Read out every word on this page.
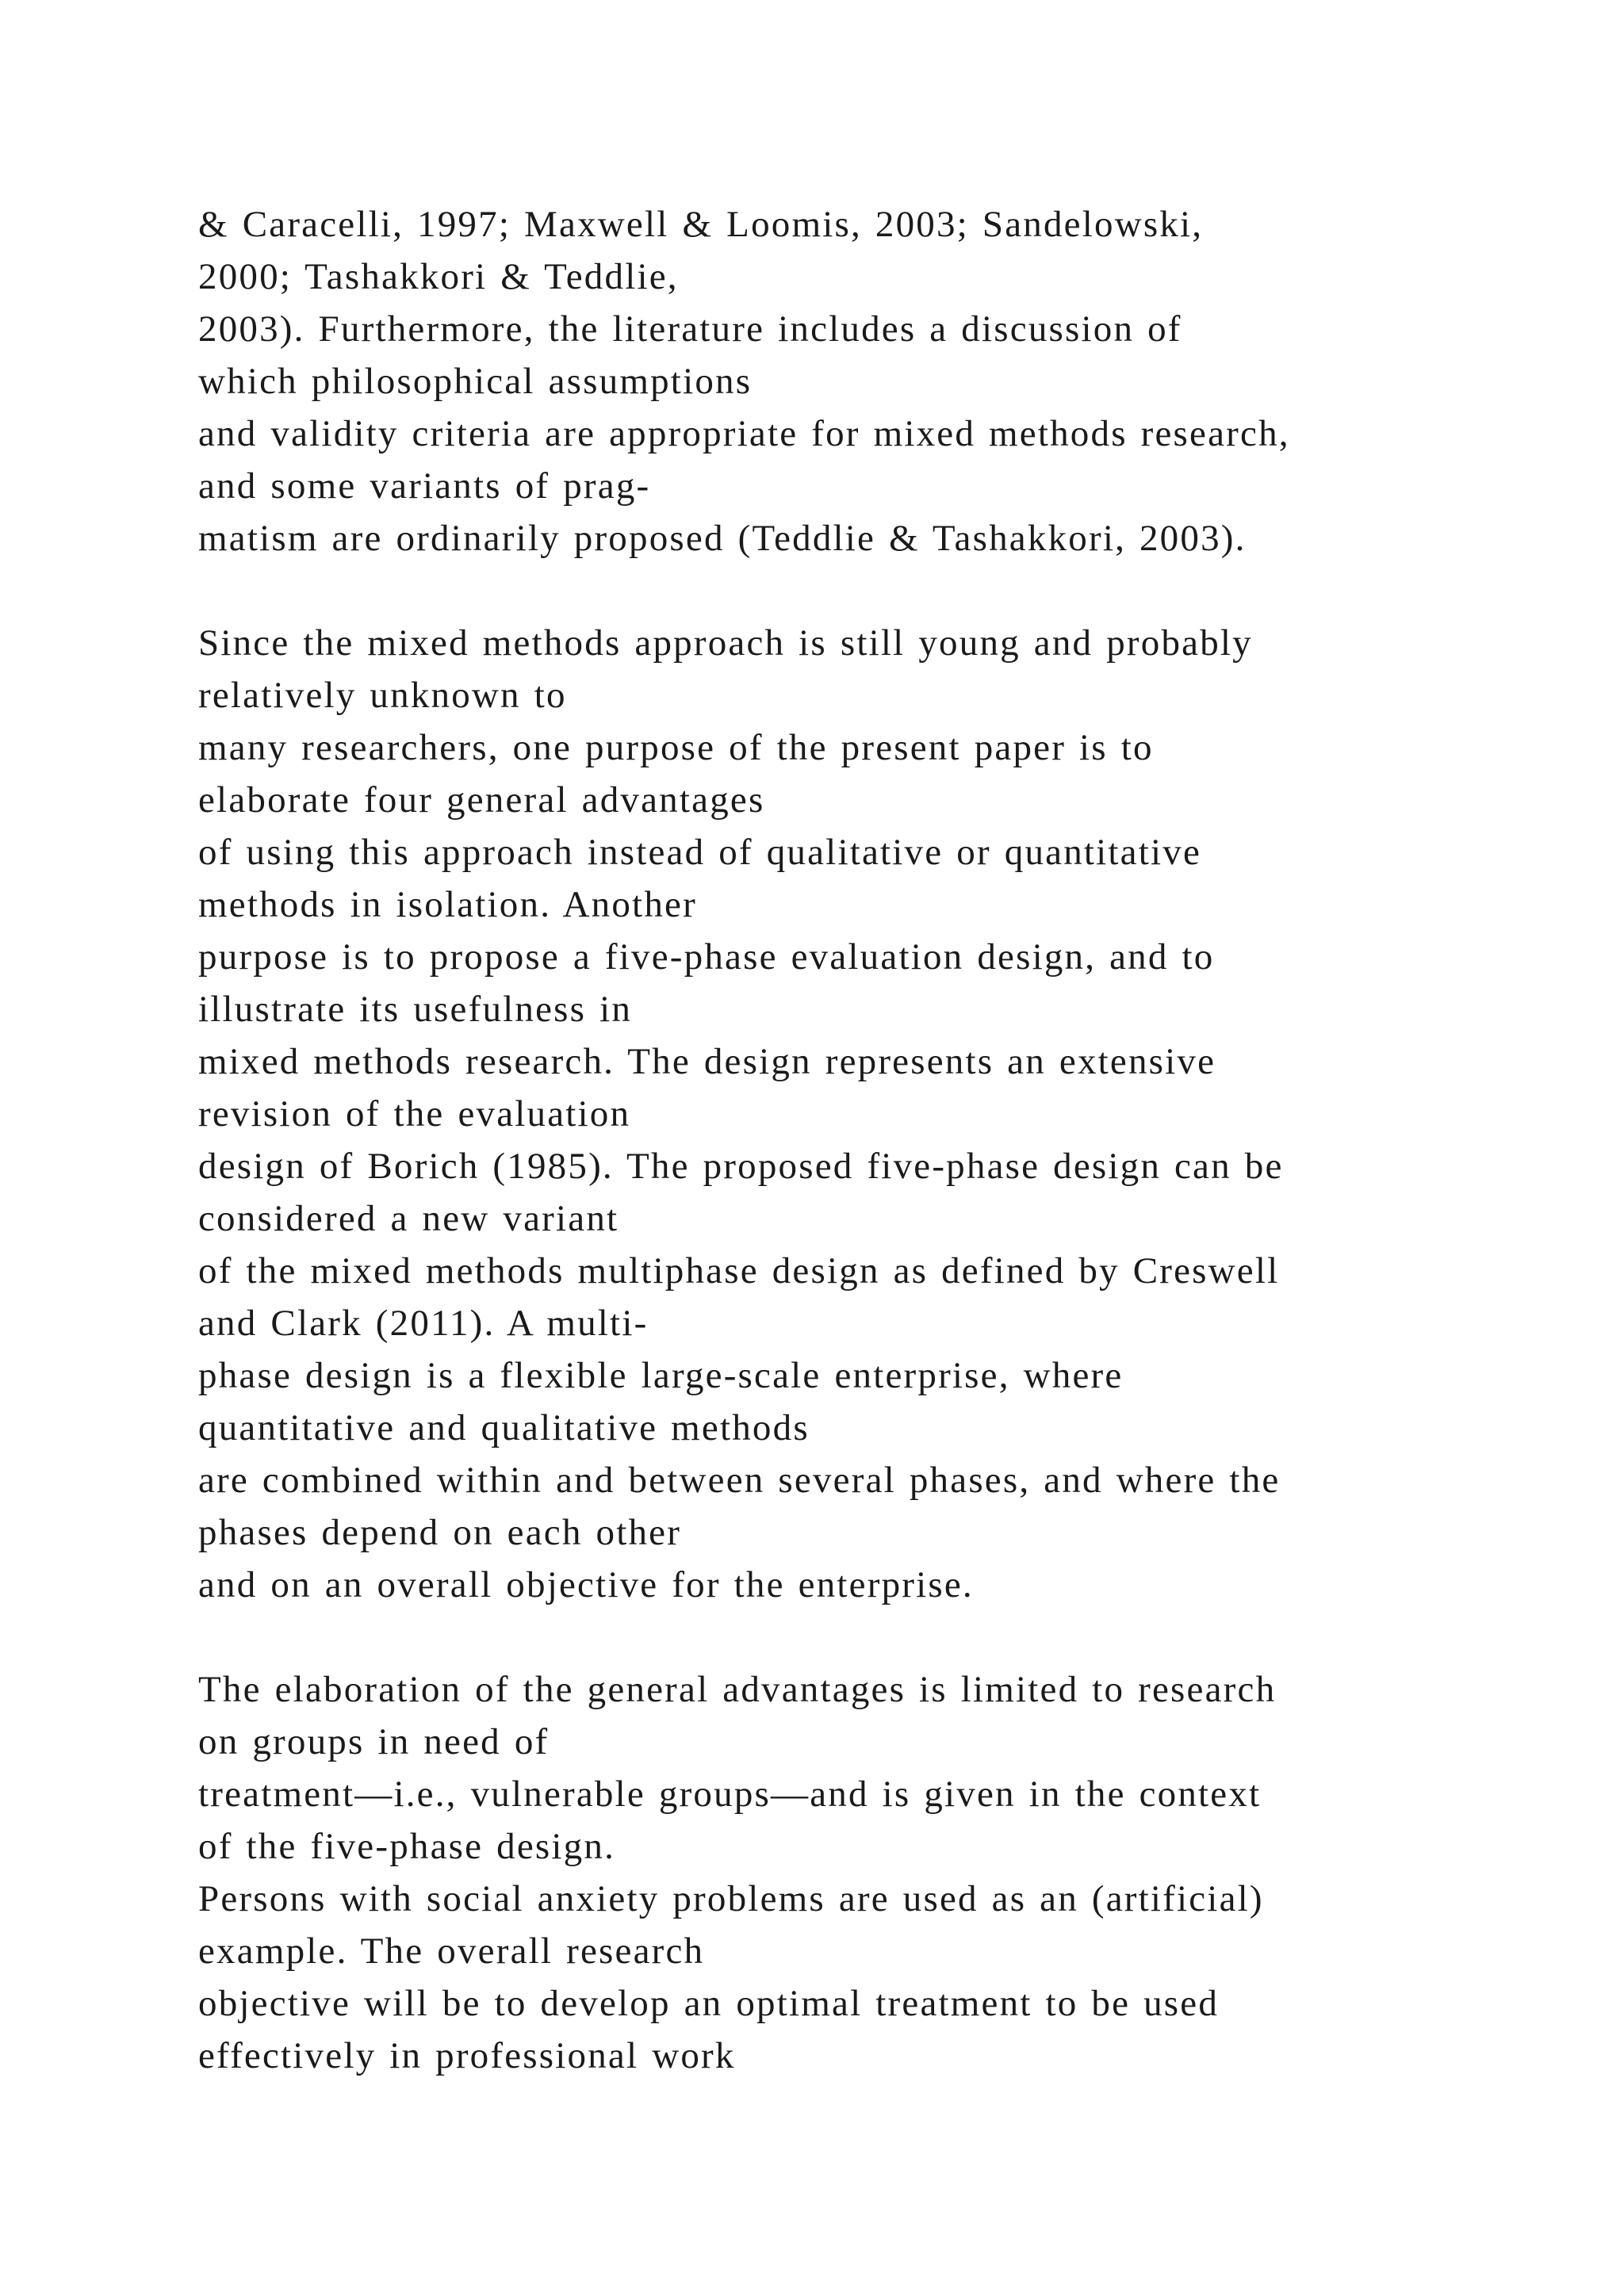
& Caracelli, 1997; Maxwell & Loomis, 2003; Sandelowski,
2000; Tashakkori & Teddlie,
2003). Furthermore, the literature includes a discussion of
which philosophical assumptions
and validity criteria are appropriate for mixed methods research,
and some variants of prag-
matism are ordinarily proposed (Teddlie & Tashakkori, 2003).
Since the mixed methods approach is still young and probably
relatively unknown to
many researchers, one purpose of the present paper is to
elaborate four general advantages
of using this approach instead of qualitative or quantitative
methods in isolation. Another
purpose is to propose a five-phase evaluation design, and to
illustrate its usefulness in
mixed methods research. The design represents an extensive
revision of the evaluation
design of Borich (1985). The proposed five-phase design can be
considered a new variant
of the mixed methods multiphase design as defined by Creswell
and Clark (2011). A multi-
phase design is a flexible large-scale enterprise, where
quantitative and qualitative methods
are combined within and between several phases, and where the
phases depend on each other
and on an overall objective for the enterprise.
The elaboration of the general advantages is limited to research
on groups in need of
treatment—i.e., vulnerable groups—and is given in the context
of the five-phase design.
Persons with social anxiety problems are used as an (artificial)
example. The overall research
objective will be to develop an optimal treatment to be used
effectively in professional work
